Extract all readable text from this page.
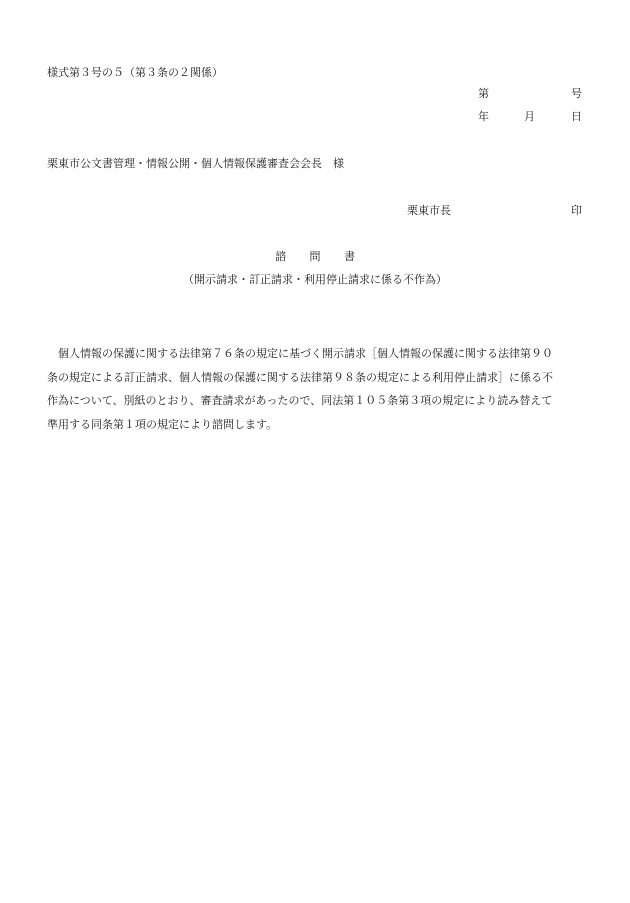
様式第３号の５（第３条の２関係）
第	号
年	月	日
栗東市公文書管理・情報公開・個人情報保護審査会会長　様
栗東市長	印
諮 問 書
（開示請求・訂正請求・利用停止請求に係る不作為）
　個人情報の保護に関する法律第７６条の規定に基づく開示請求［個人情報の保護に関する法律第９０
条の規定による訂正請求、個人情報の保護に関する法律第９８条の規定による利用停止請求］に係る不
作為について、別紙のとおり、審査請求があったので、同法第１０５条第３項の規定により読み替えて
準用する同条第１項の規定により諮問します。
